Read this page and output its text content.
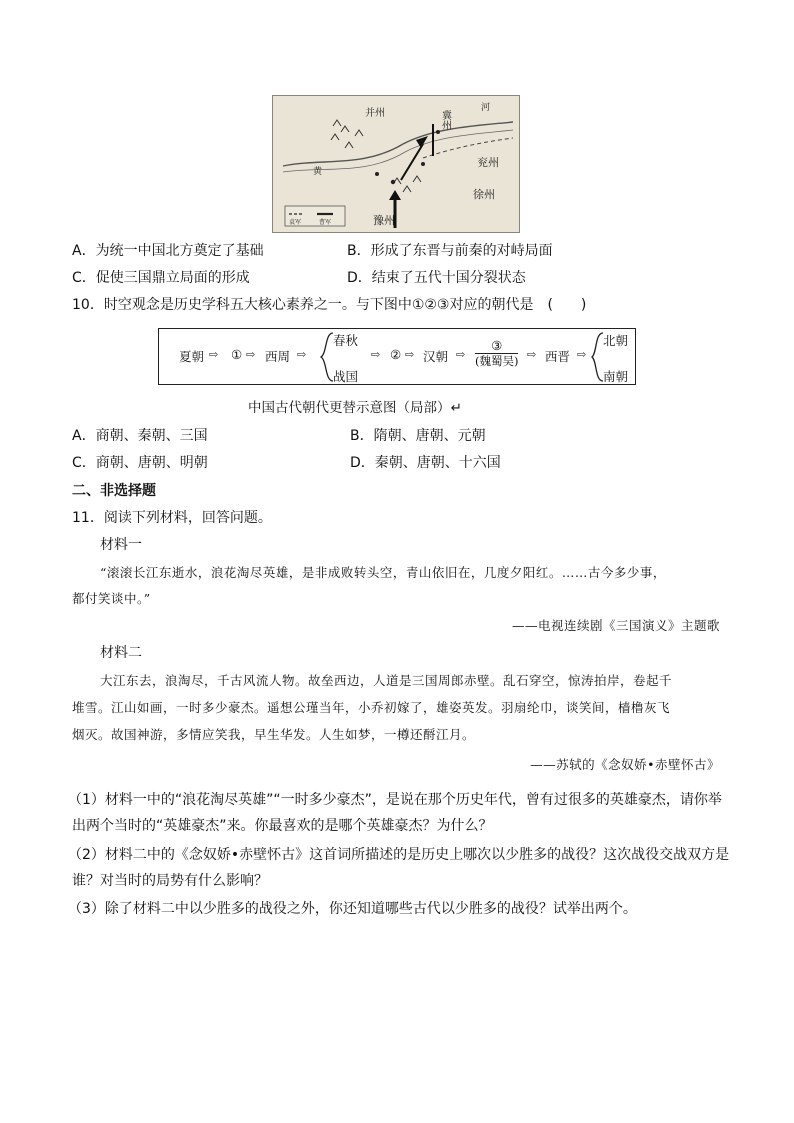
并州	冀州
兖州
徐州
豫州
河
黄
袁军	曹军
A．为统一中国北方奠定了基础	B．形成了东晋与前秦的对峙局面
C．促使三国鼎立局面的形成	D．结束了五代十国分裂状态
10．时空观念是历史学科五大核心素养之一。与下图中①②③对应的朝代是　(　　)
夏朝 ⇨ ① ⇨ 西周 ⇨
春秋
战国
⇨ ② ⇨ 汉朝 ⇨
③
(魏蜀吴) ⇨ 西晋 ⇨
北朝
南朝
中国古代朝代更替示意图（局部）↵
A．商朝、秦朝、三国	B．隋朝、唐朝、元朝
C．商朝、唐朝、明朝	D．秦朝、唐朝、十六国
二、非选择题
11．阅读下列材料，回答问题。
材料一
“滚滚长江东逝水，浪花淘尽英雄，是非成败转头空，青山依旧在，几度夕阳红。……古今多少事，
都付笑谈中。”
——电视连续剧《三国演义》主题歌
材料二
大江东去，浪淘尽，千古风流人物。故垒西边，人道是三国周郎赤壁。乱石穿空，惊涛拍岸，卷起千
堆雪。江山如画，一时多少豪杰。遥想公瑾当年，小乔初嫁了，雄姿英发。羽扇纶巾，谈笑间，樯橹灰飞
烟灭。故国神游，多情应笑我，早生华发。人生如梦，一樽还酹江月。
——苏轼的《念奴娇•赤壁怀古》
（1）材料一中的“浪花淘尽英雄”“一时多少豪杰”，是说在那个历史年代，曾有过很多的英雄豪杰，请你举
出两个当时的“英雄豪杰”来。你最喜欢的是哪个英雄豪杰？为什么？
（2）材料二中的《念奴娇•赤壁怀古》这首词所描述的是历史上哪次以少胜多的战役？这次战役交战双方是
谁？对当时的局势有什么影响？
（3）除了材料二中以少胜多的战役之外，你还知道哪些古代以少胜多的战役？试举出两个。
